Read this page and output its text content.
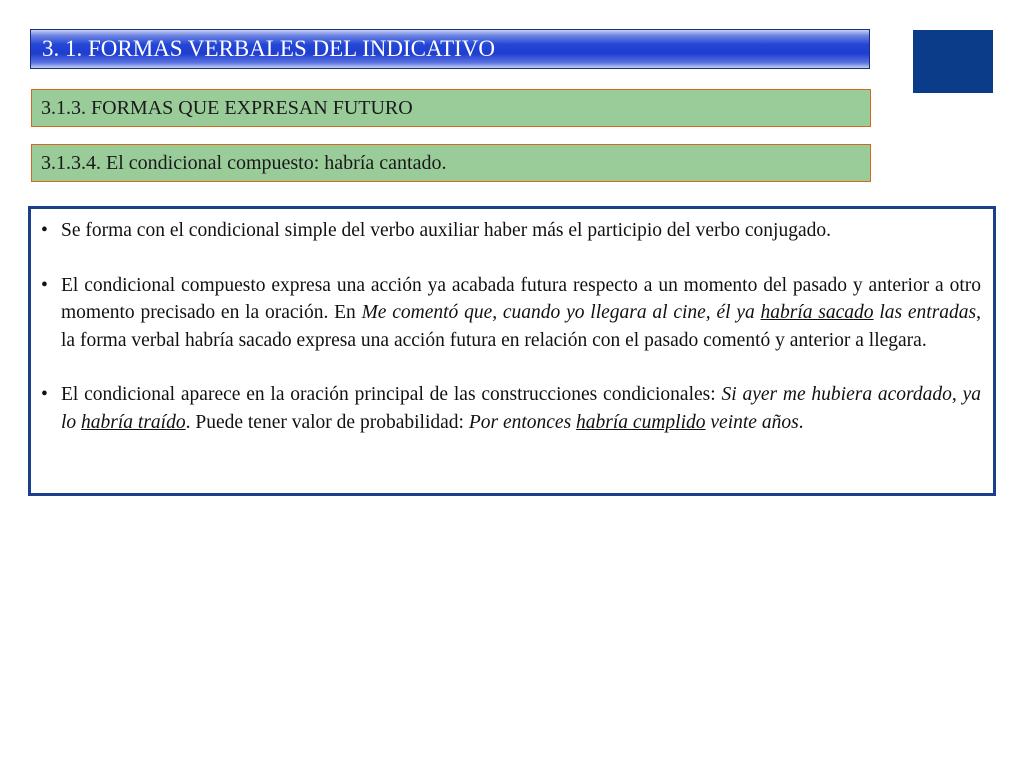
3. 1. FORMAS VERBALES DEL INDICATIVO
3.1.3. FORMAS QUE EXPRESAN FUTURO
3.1.3.4. El condicional compuesto: habría cantado.
• Se forma con el condicional simple del verbo auxiliar haber más el participio del verbo conjugado.
• El condicional compuesto expresa una acción ya acabada futura respecto a un momento del pasado y anterior a otro momento precisado en la oración. En Me comentó que, cuando yo llegara al cine, él ya habría sacado las entradas, la forma verbal habría sacado expresa una acción futura en relación con el pasado comentó y anterior a llegara.
• El condicional aparece en la oración principal de las construcciones condicionales: Si ayer me hubiera acordado, ya lo habría traído. Puede tener valor de probabilidad: Por entonces habría cumplido veinte años.
